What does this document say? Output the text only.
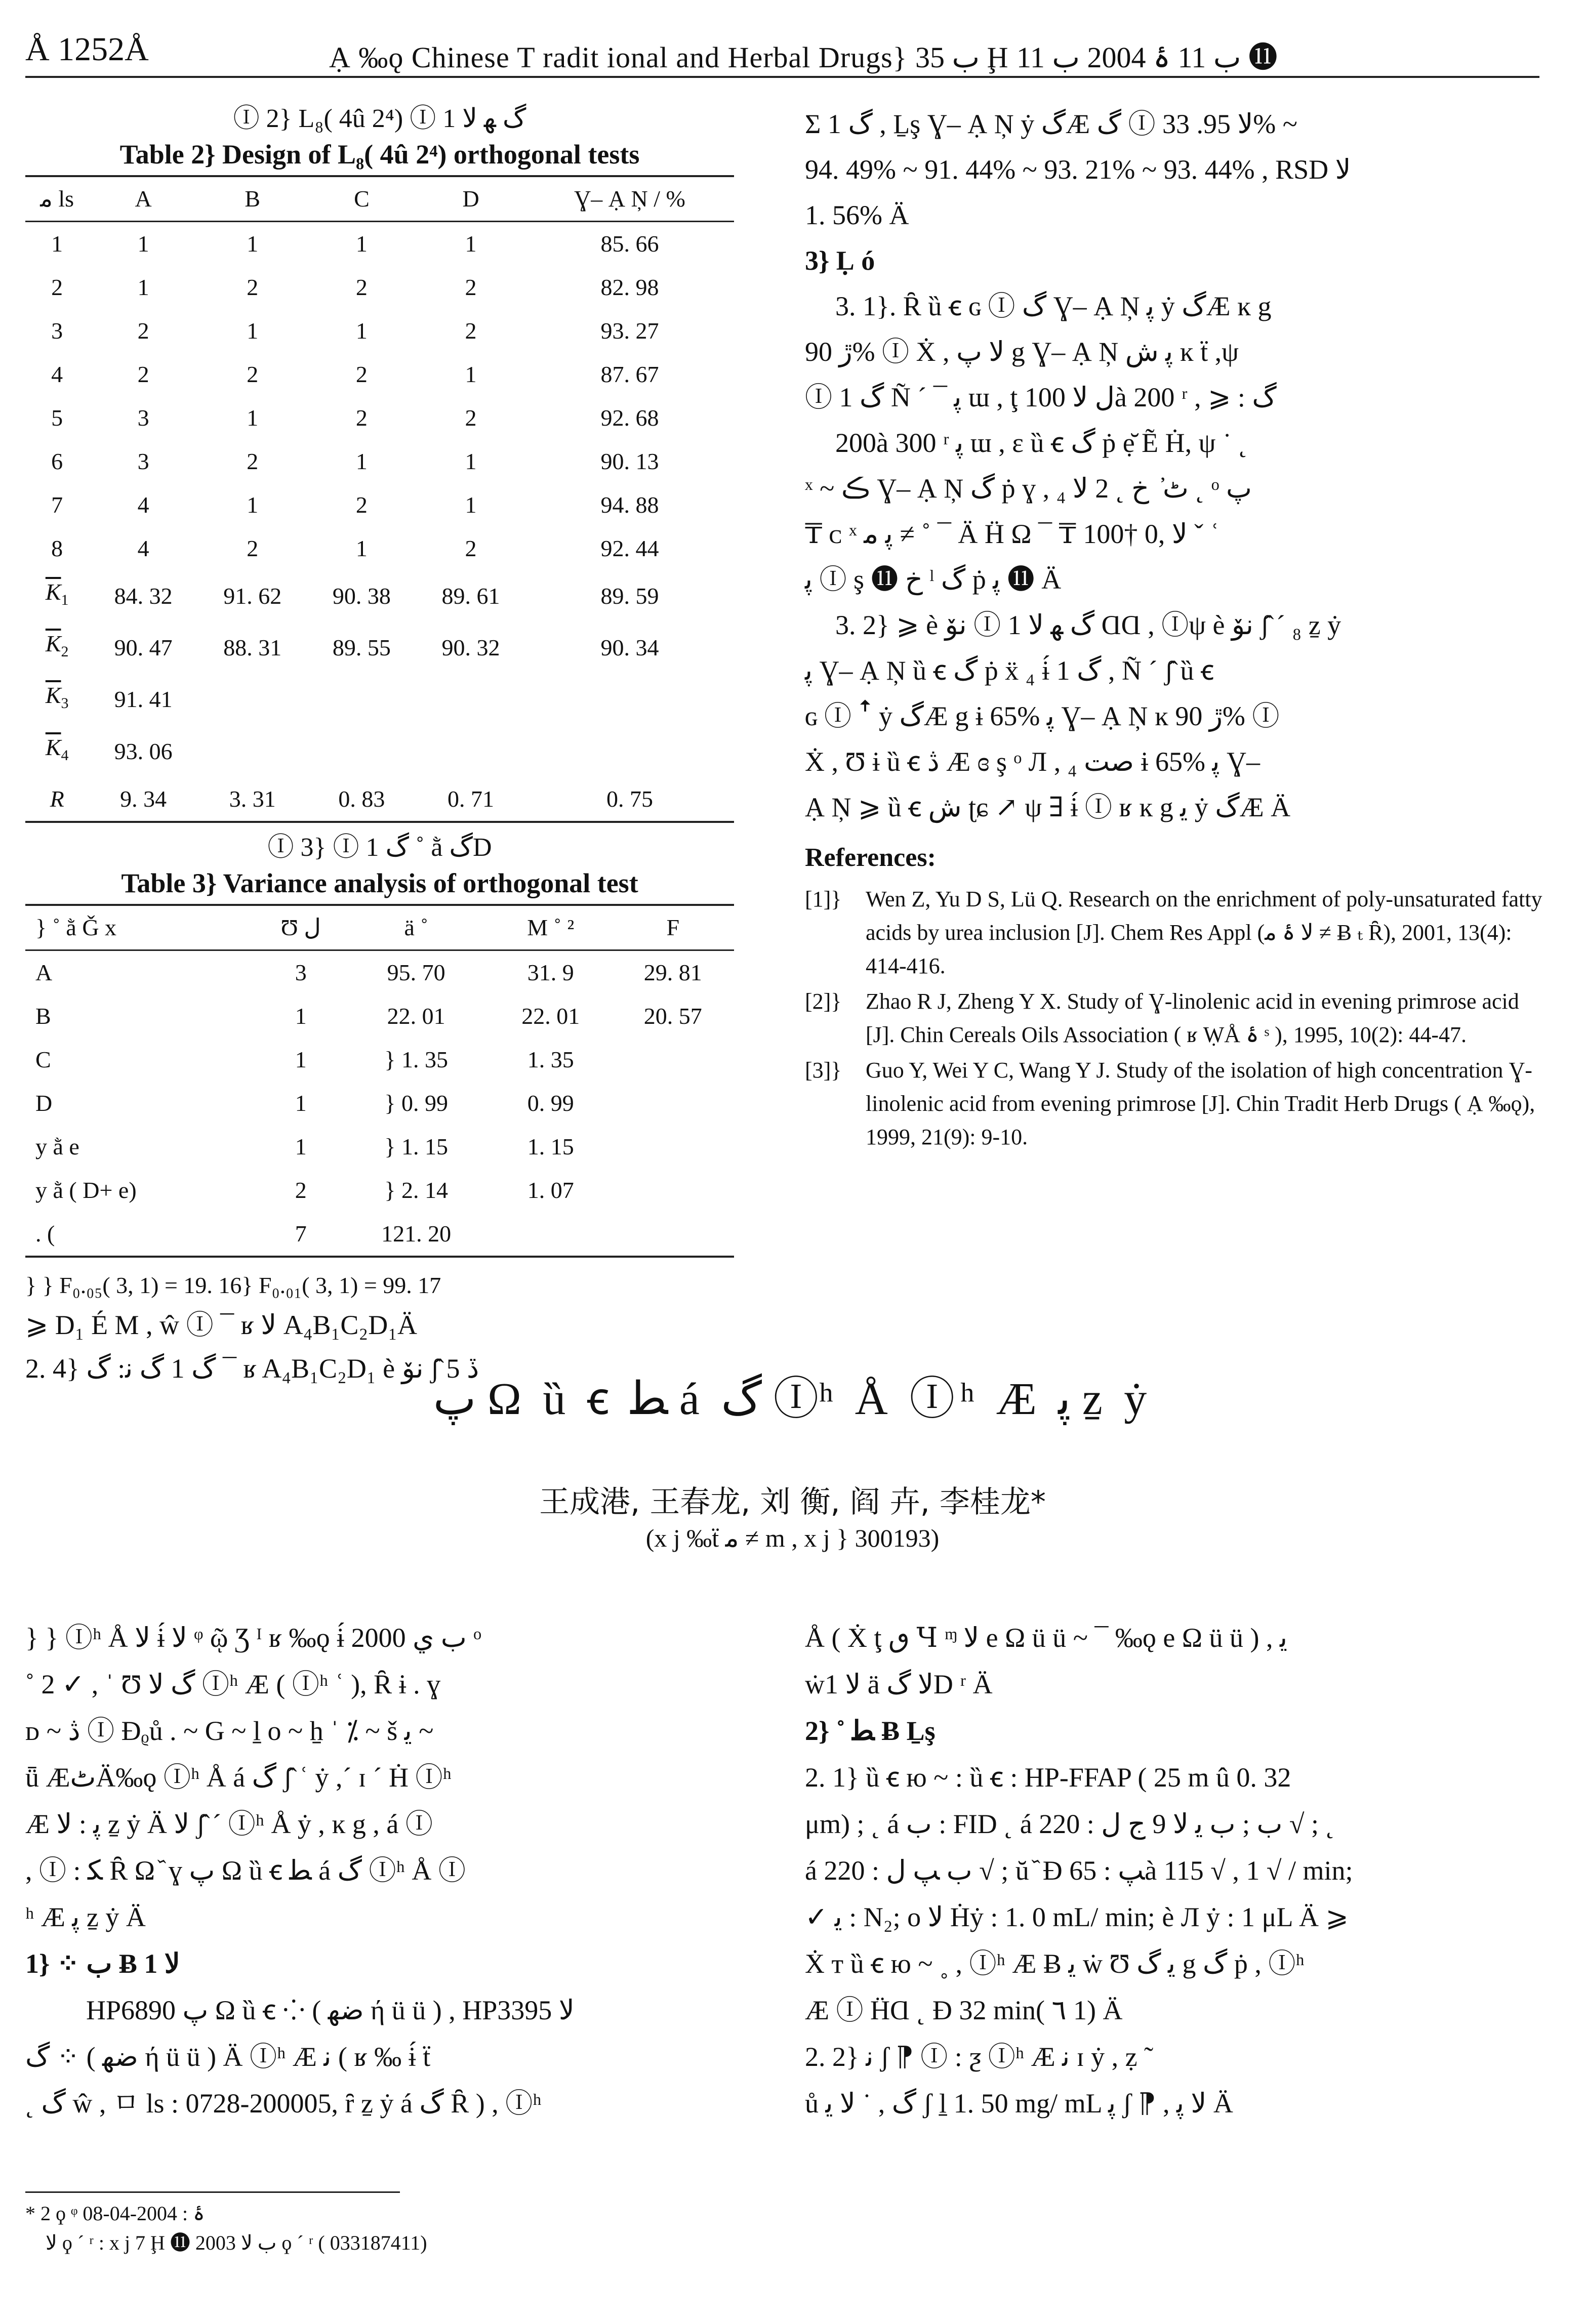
Å 1252Å	Ạ ‰ǫ Chinese T radit ional and Herbal Drugs} ب 35 Ḩ ب 11 ۂ 2004 ب 11 ⓫
Ⓘ 2} L₈( 4û 2⁴) Ⓘ 1 گ ﻬ ﻻ
Table 2} Design of L₈( 4û 2⁴) orthogonal tests
ﻣ ls	A	B	C	D	Ɣ– Ạ Ņ / %
1	1	1	1	1	85. 66
2	1	2	2	2	82. 98
3	2	1	1	2	93. 27
4	2	2	2	1	87. 67
5	3	1	2	2	92. 68
6	3	2	1	1	90. 13
7	4	1	2	1	94. 88
8	4	2	1	2	92. 44
$\overline{K}_1$	84. 32	91. 62	90. 38	89. 61	89. 59
$\overline{K}_2$	90. 47	88. 31	89. 55	90. 32	90. 34
$\overline{K}_3$	91. 41				
$\overline{K}_4$	93. 06				
R	9. 34	3. 31	0. 83	0. 71	0. 75
Ⓘ 3} Ⓘ 1 گ ˚ ằ گD
Table 3} Variance analysis of orthogonal test
} ˚ ằ Ǧ x	Ʊ ﻝ	ä ˚	M ˚ ²	F
A	3	95. 70	31. 9	29. 81
B	1	22. 01	22. 01	20. 57
C	1	} 1. 35	1. 35	
D	1	} 0. 99	0. 99	
y ằ e	1	} 1. 15	1. 15	
y ằ ( D+ e)	2	} 2. 14	1. 07	
. (	7	121. 20		
} } F₀.₀₅( 3, 1) = 19. 16} F₀.₀₁( 3, 1) = 99. 17

⩾ D₁ É M , ŵ Ⓘ ¯ ʁ ﻻ A₄B₁C₂D₁Ä

2. 4} گ 1 گ ﻧ: گ ¯ ʁ A₄B₁C₂D₁ è ﻧﯚ ʃ̂ 5 ڏ

Σ 1 گ , Ḻş Ɣ– Ạ Ņ ẏ گÆ گ Ⓘ ﻻ 95. 33% ~

94. 49% ~ 91. 44% ~ 93. 21% ~ 93. 44% , RSD ﻻ

1. 56% Ä

3} Ḷ ó

3. 1}. Ȓ ȕ ꞓ ɢ Ⓘ گ Ɣ– Ạ Ņ ﭘ ẏ گÆ ĸ g

ڙ 90% Ⓘ Ẋ , ﻻ ﭖ g Ɣ– Ạ Ņ ﭘ ﺵ ĸ ẗ ,ψ

Ⓘ 1 گ Ñ ˊ ¯ ﭘ ɯ , ţ ﻝ ﻻ 100à 200 ʳ , ⩾ : گ

200à 300 ʳ ﭘ ɯ , ɛ ȕ ꞓ گ ṗ ẹ̆ Ẽ Ḣ, ψ ˙ ˛

ˣ ~ ڪ Ɣ– Ạ Ņ گ ṗ ɣ , ₄ ٹ ҆ ﺥ ˛ 2 ﻻ ˛ ᵒ ﭖ

₸ ᴄ ˣ ﭘ ﻣ ≠ ˚ ¯ Ä Ḧ Ω ¯ ₸ 100† 0, ﻻ ˇ ʿ

ﭘ Ⓘ ş ⓫ ﺥ ˡ گ ṗ ﭘ ⓫ Ä

3. 2} ⩾ è ﻧﯚ Ⓘ 1 گ ﻬ ﻻ ⱭⱭ , Ⓘψ è ﻧﯚ ʃ̂ ˊ ₈ ẕ ẏ

ﭘ Ɣ– Ạ Ņ ȕ ꞓ گ ṗ ẍ ₄ ɨ́ 1 گ , Ñ ˊ ʃ̂ ȕ ꞓ

ɢ Ⓘ ꜛ ẏ گÆ g ɨ 65% ﭘ Ɣ– Ạ Ņ ĸ ڙ 90% Ⓘ

Ẋ , Ʊ ɨ ȕ ꞓ ڎ Æ ɞ ş ᵒ Л , ₄ ﺻﺖ ɨ 65% ﭘ Ɣ–

Ạ Ņ ⩾ ȕ ꞓ ﺵ ʈɕ ↗ ψ ∃ ɨ́ Ⓘ ʁ ĸ g ﯾ ẏ گÆ Ä

References:
[1]} Wen Z, Yu D S, Lü Q. Research on the enrichment of poly-unsaturated fatty acids by urea inclusion [J]. Chem Res Appl (ﻻ ۂ ﻣ ≠ Ƀ ₜ Ȓ), 2001, 13(4): 414-416.
[2]} Zhao R J, Zheng Y X. Study of Ɣ-linolenic acid in evening primrose acid [J]. Chin Cereals Oils Association ( ʁ ẈÅ ۂ ˢ ), 1995, 10(2): 44-47.
[3]} Guo Y, Wei Y C, Wang Y J. Study of the isolation of high concentration Ɣ-linolenic acid from evening primrose [J]. Chin Tradit Herb Drugs ( Ạ ‰ǫ), 1999, 21(9): 9-10.
ﭖ Ω ȕ ꞓ ﻄ á گ Ⓘʰ Å Ⓘʰ Æ ﭘ ẕ ẏ
王成港, 王春龙, 刘 衡, 阎 卉, 李桂龙*
(x j ‰ẗ ﻣ ≠ m , x j } 300193)

} } Ⓘʰ Å ﻻ ɨ́ ﻻ ᵠ ῷ Ʒ ᴵ ʁ ‰ǫ ɨ́ 2000 ب ي ᵒ

˚ 2 ✓ , ˈ Ʊ گ ﻻ Ⓘʰ Æ ( Ⓘʰ ʿ ), Ȓ ɨ . ɣ

ᴅ ~ ڎ Ⓘ Ɖᵨů . ~ G ~ ḻ o ~ ẖ ˈ ⁒ ~ š ﯾ ~

ǖ ÆﭦÄ‰ǫ Ⓘʰ Å á گ ʃ̂ ʿ ẏ ,ˊ ɪ ˊ Ḣ Ⓘʰ

Æ ﭘ : ﻻ ẕ ẏ Ä ﻻ ʃ̂ ˊ Ⓘʰ Å ẏ , ĸ g , á Ⓘ

, Ⓘ : ﮑ Ȓ Ω ᷈ ɣ ﭖ Ω ȕ ꞓ ﻄ á گ Ⓘʰ Å Ⓘ

ʰ Æ ﭘ ẕ ẏ Ä

1} ⁘ ب Ƀ 1 ﻻ

HP6890 ﭖ Ω ȕ ꞓ ⁘ ( ﺿﻬ ή ü ü ) , HP3395 ﻻ

گ ⁘ ( ﺿﻬ ή ü ü ) Ä Ⓘʰ Æ ﻧ ( ʁ ‰ ɨ́ ẗ

˛ گ ŵ , ㅁ ls : 0728-200005, ȓ ẕ ẏ á گ Ȓ ) , Ⓘʰ

Å ( Ẋ ţ ٯ Ɥ ᶬ ﻻ e Ω ü ü ~ ¯ ‰ǫ e Ω ü ü ) , ﯾ

ẇ1 ﻻ ä ﻻ گD ʳ Ä

2} ˚ ﻄ Ƀ Ḻş

2. 1} ȕ ꞓ ю ~ : ȕ ꞓ : HP-FFAP ( 25 m û 0. 32

μm) ; ˛ á ب : FID ˛ á ب ; ب ﯾ ﻻ 9 ج ﻝ : 220 √ ; ˛

á ب ﭗ ﻝ : 220 √ ; ŭ ᷈ Ɖ ﭗ : 65à 115 √ , 1 √ / min;

✓ ﯾ : N₂; o ﻻ Ḣẏ : 1. 0 mL/ min; è Л ẏ : 1 μL Ä ⩾

Ẋ т ȕ ꞓ ю ~ ˳ , Ⓘʰ Æ Ƀ ﯾ ẇ Ʊ ﯾ گ g گ ṗ , Ⓘʰ

Æ Ⓘ ḦⱭ ˛ Ɖ 32 min( ٦ 1) Ä

2. 2} ﻧ ʃ ⁋ Ⓘ : ƺ Ⓘʰ Æ ﻧ ɪ ẏ , ẓ ̃

ů گ , ˙ ﻻ ﯾ ʃ ḻ 1. 50 mg/ mL ﭘ ʃ ⁋ , ﻻ ﭘ Ä

* 2 ϙ ᵠ ۂ : 2004-04-08

ﻻ ϙ ˊ ʳ : x j 7 Ḩ ⓫ 2003 ب ﻻ ϙ ˊ ʳ ( 033187411)
